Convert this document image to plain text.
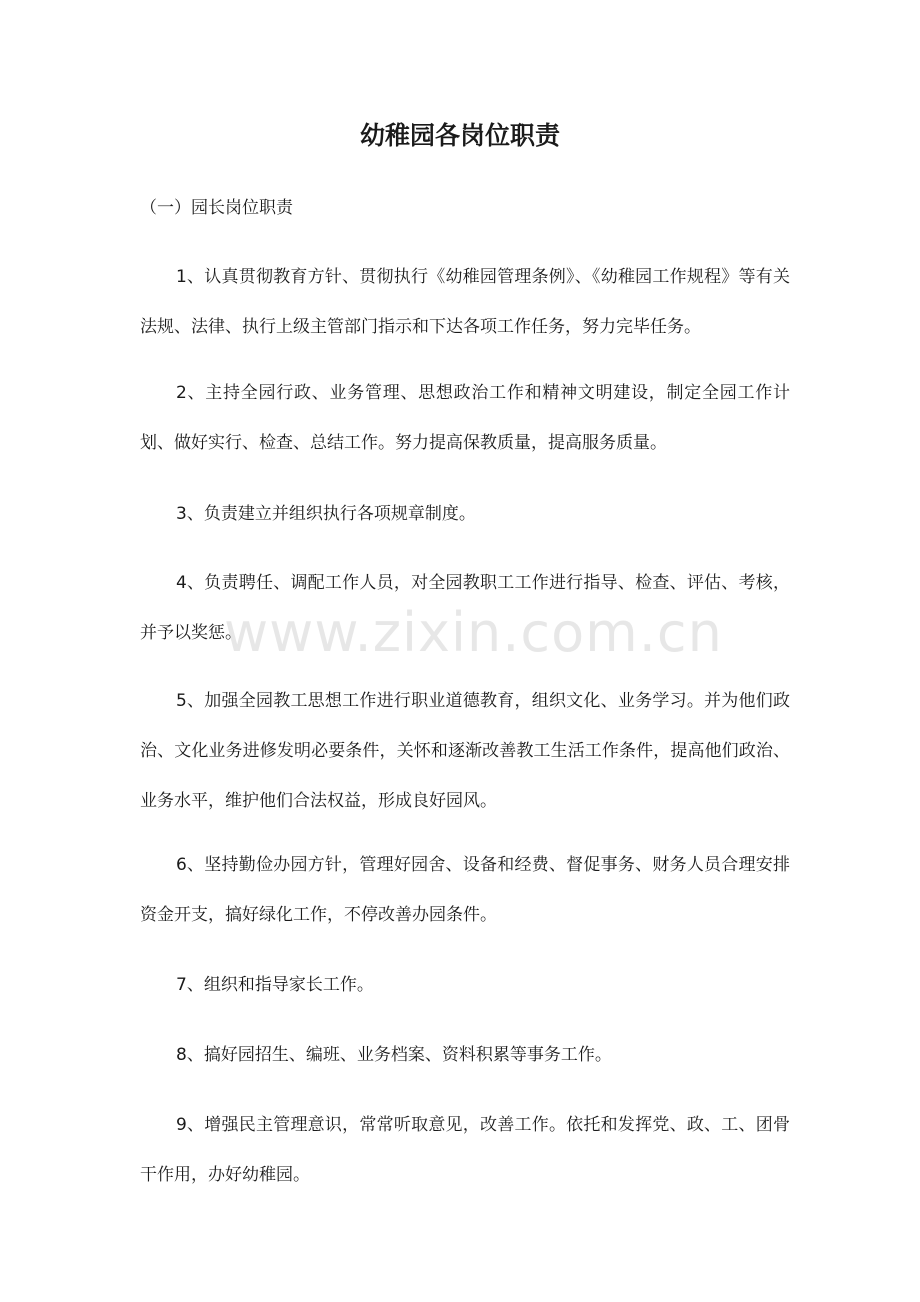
幼稚园各岗位职责
（一）园长岗位职责

1、认真贯彻教育方针、贯彻执行《幼稚园管理条例》、《幼稚园工作规程》等有关法规、法律、执行上级主管部门指示和下达各项工作任务，努力完毕任务。

2、主持全园行政、业务管理、思想政治工作和精神文明建设，制定全园工作计划、做好实行、检查、总结工作。努力提高保教质量，提高服务质量。

3、负责建立并组织执行各项规章制度。

4、负责聘任、调配工作人员，对全园教职工工作进行指导、检查、评估、考核，并予以奖惩。

5、加强全园教工思想工作进行职业道德教育，组织文化、业务学习。并为他们政治、文化业务进修发明必要条件，关怀和逐渐改善教工生活工作条件，提高他们政治、业务水平，维护他们合法权益，形成良好园风。

6、坚持勤俭办园方针，管理好园舍、设备和经费、督促事务、财务人员合理安排资金开支，搞好绿化工作，不停改善办园条件。

7、组织和指导家长工作。

8、搞好园招生、编班、业务档案、资料积累等事务工作。

9、增强民主管理意识，常常听取意见，改善工作。依托和发挥党、政、工、团骨干作用，办好幼稚园。

www.zixin.com.cn
